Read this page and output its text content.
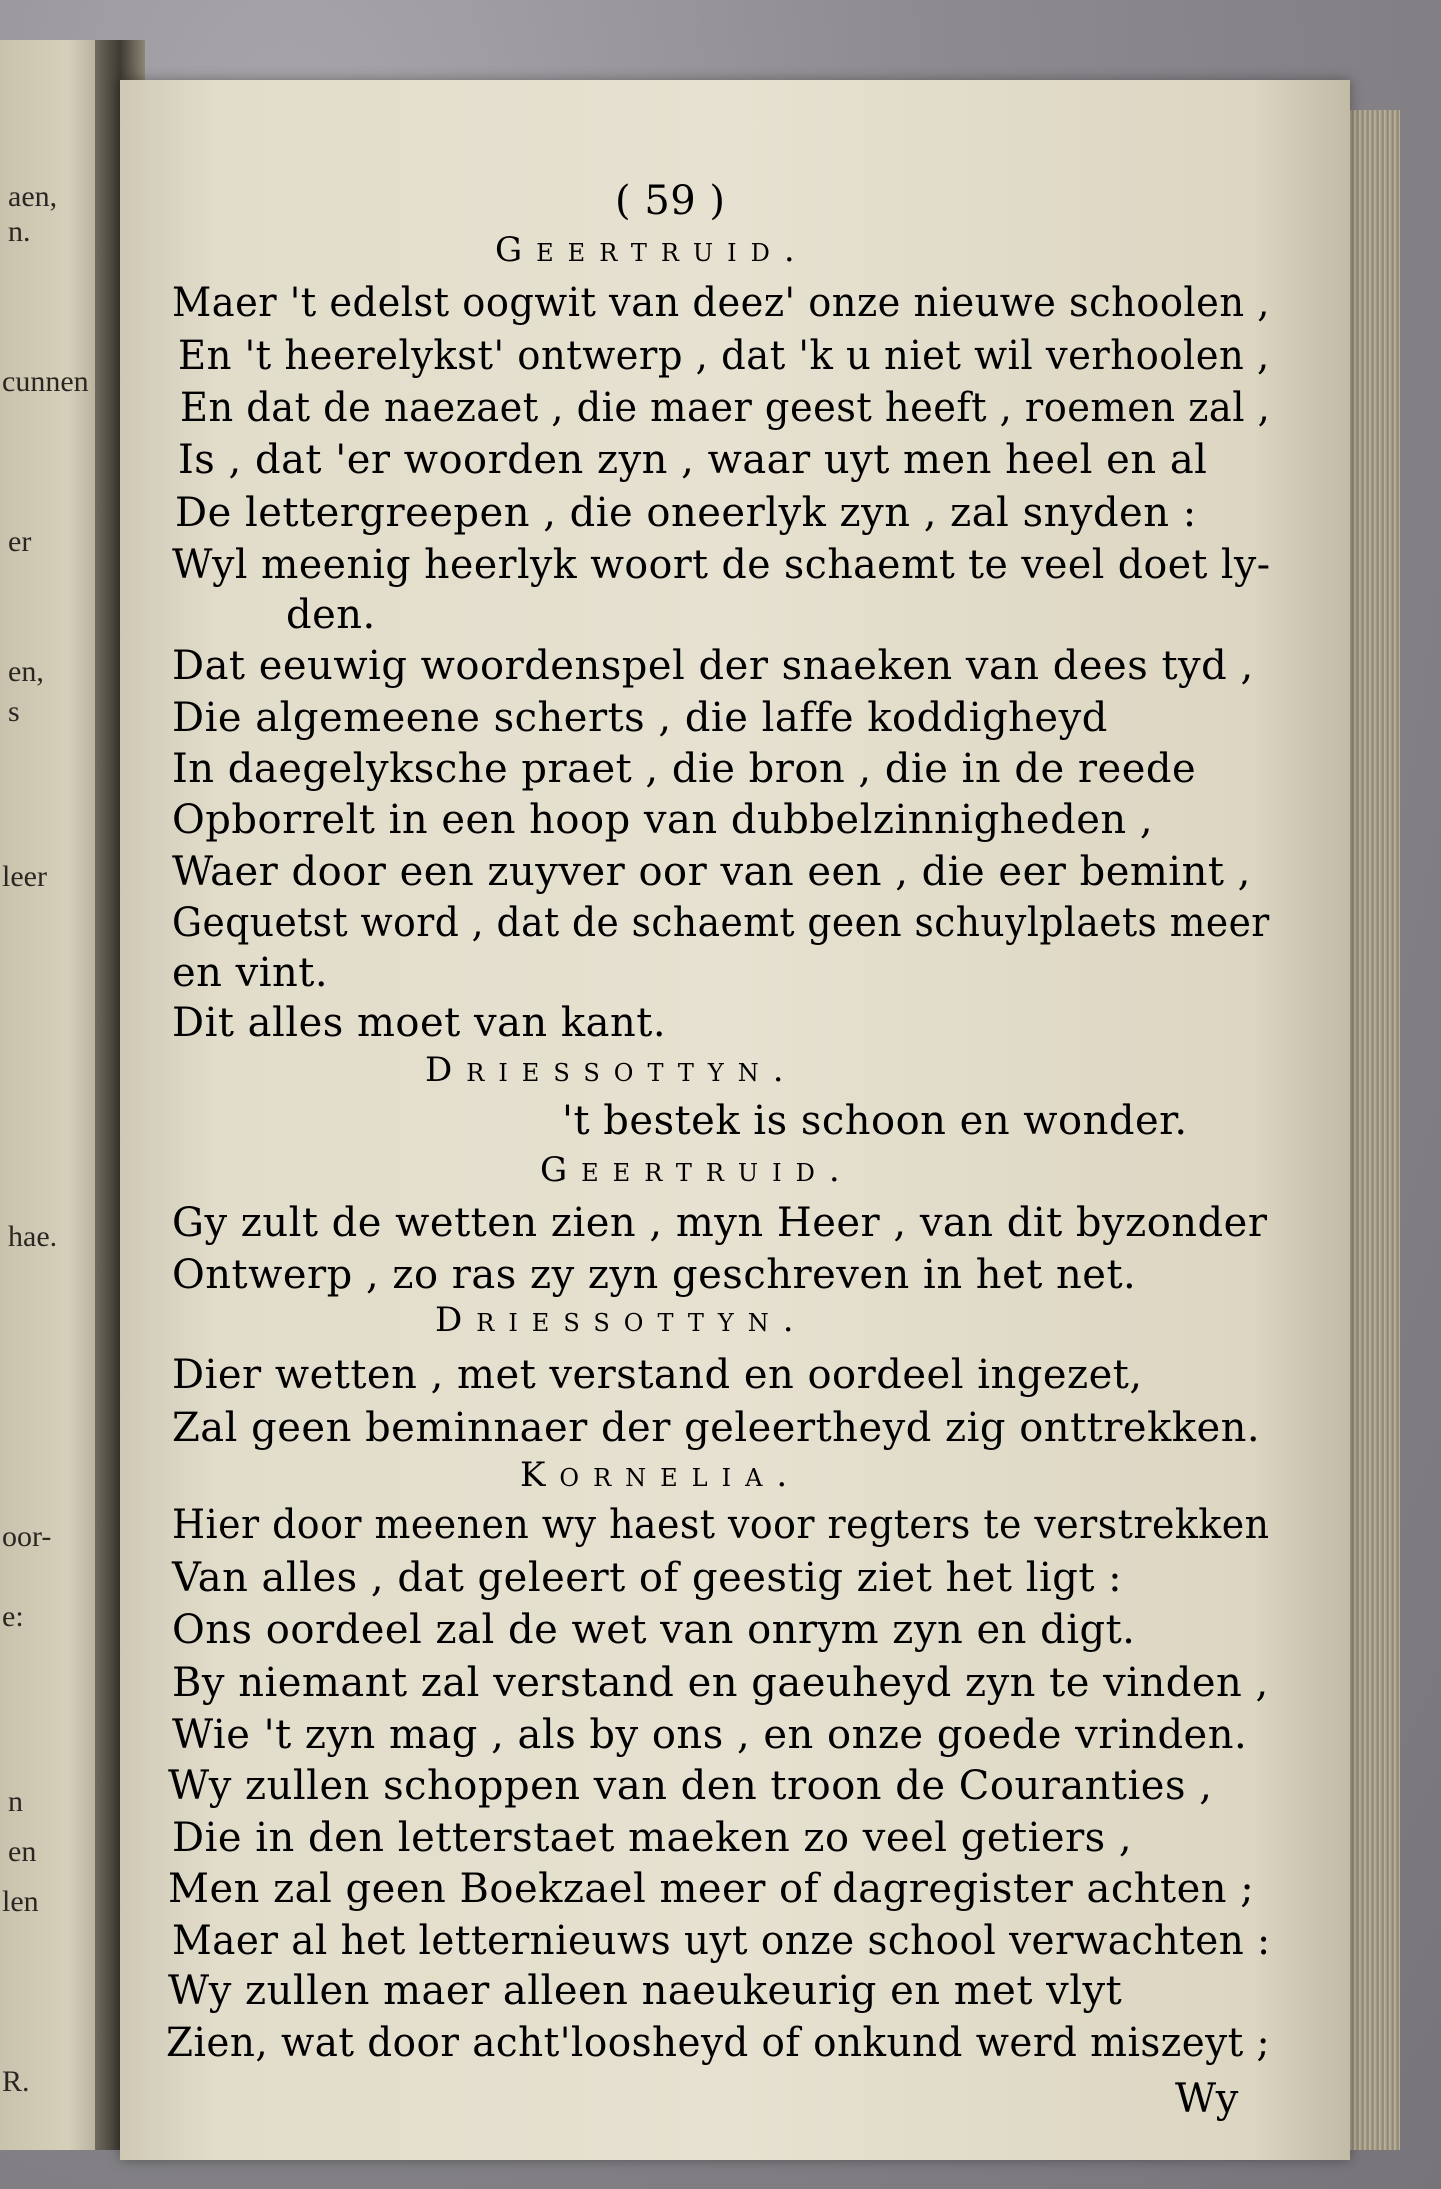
aen,
n.
cunnen
er
en,
s
leer
hae.
oor-
e:
n
en
len
R.
( 59 )
Geertruid.
Maer 't edelst oogwit van deez' onze nieuwe schoolen ,
En 't heerelykst' ontwerp , dat 'k u niet wil verhoolen ,
En dat de naezaet , die maer geest heeft , roemen zal ,
Is , dat 'er woorden zyn , waar uyt men heel en al
De lettergreepen , die oneerlyk zyn , zal snyden :
Wyl meenig heerlyk woort de schaemt te veel doet ly-
den.
Dat eeuwig woordenspel der snaeken van dees tyd ,
Die algemeene scherts , die laffe koddigheyd
In daegelyksche praet , die bron , die in de reede
Opborrelt in een hoop van dubbelzinnigheden ,
Waer door een zuyver oor van een , die eer bemint ,
Gequetst word , dat de schaemt geen schuylplaets meer
en vint.
Dit alles moet van kant.
Driessottyn.
't bestek is schoon en wonder.
Geertruid.
Gy zult de wetten zien , myn Heer , van dit byzonder
Ontwerp , zo ras zy zyn geschreven in het net.
Driessottyn.
Dier wetten , met verstand en oordeel ingezet,
Zal geen beminnaer der geleertheyd zig onttrekken.
Kornelia.
Hier door meenen wy haest voor regters te verstrekken
Van alles , dat geleert of geestig ziet het ligt :
Ons oordeel zal de wet van onrym zyn en digt.
By niemant zal verstand en gaeuheyd zyn te vinden ,
Wie 't zyn mag , als by ons , en onze goede vrinden.
Wy zullen schoppen van den troon de Couranties ,
Die in den letterstaet maeken zo veel getiers ,
Men zal geen Boekzael meer of dagregister achten ;
Maer al het letternieuws uyt onze school verwachten :
Wy zullen maer alleen naeukeurig en met vlyt
Zien, wat door acht'loosheyd of onkund werd miszeyt ;
Wy
